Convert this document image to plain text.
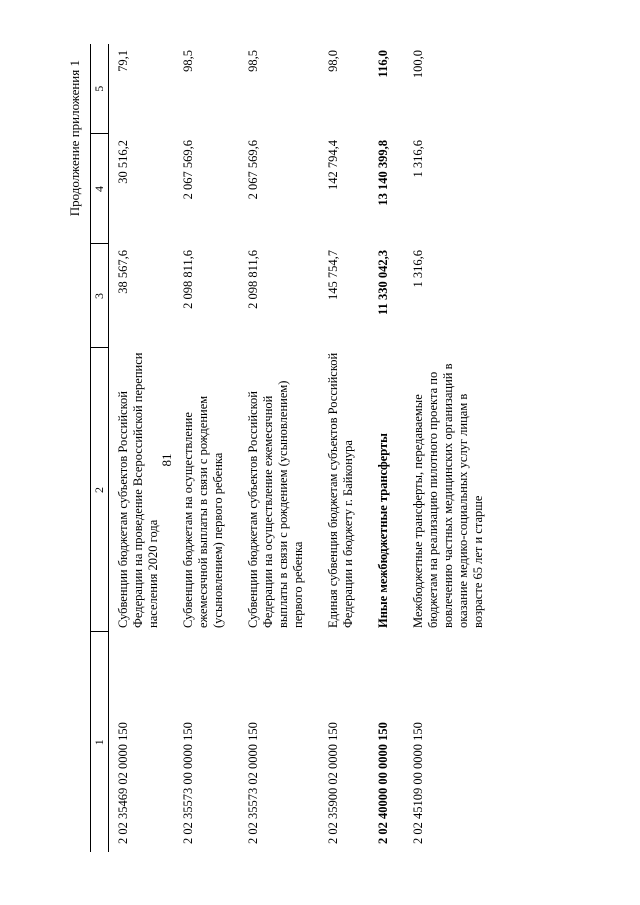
81
Продолжение приложения 1
1	2	3	4	5
2 02 35469 02 0000 150	Субвенции бюджетам субъектов Российской Федерации на проведение Всероссийской переписи населения 2020 года	38 567,6	30 516,2	79,1
2 02 35573 00 0000 150	Субвенции бюджетам на осуществление ежемесячной выплаты в связи с рождением (усыновлением) первого ребенка	2 098 811,6	2 067 569,6	98,5
2 02 35573 02 0000 150	Субвенции бюджетам субъектов Российской Федерации на осуществление ежемесячной выплаты в связи с рождением (усыновлением) первого ребенка	2 098 811,6	2 067 569,6	98,5
2 02 35900 02 0000 150	Единая субвенция бюджетам субъектов Российской Федерации и бюджету г. Байконура	145 754,7	142 794,4	98,0
2 02 40000 00 0000 150	Иные межбюджетные трансферты	11 330 042,3	13 140 399,8	116,0
2 02 45109 00 0000 150	Межбюджетные трансферты, передаваемые бюджетам на реализацию пилотного проекта по вовлечению частных медицинских организаций в оказание медико-социальных услуг лицам в возрасте 65 лет и старше	1 316,6	1 316,6	100,0
